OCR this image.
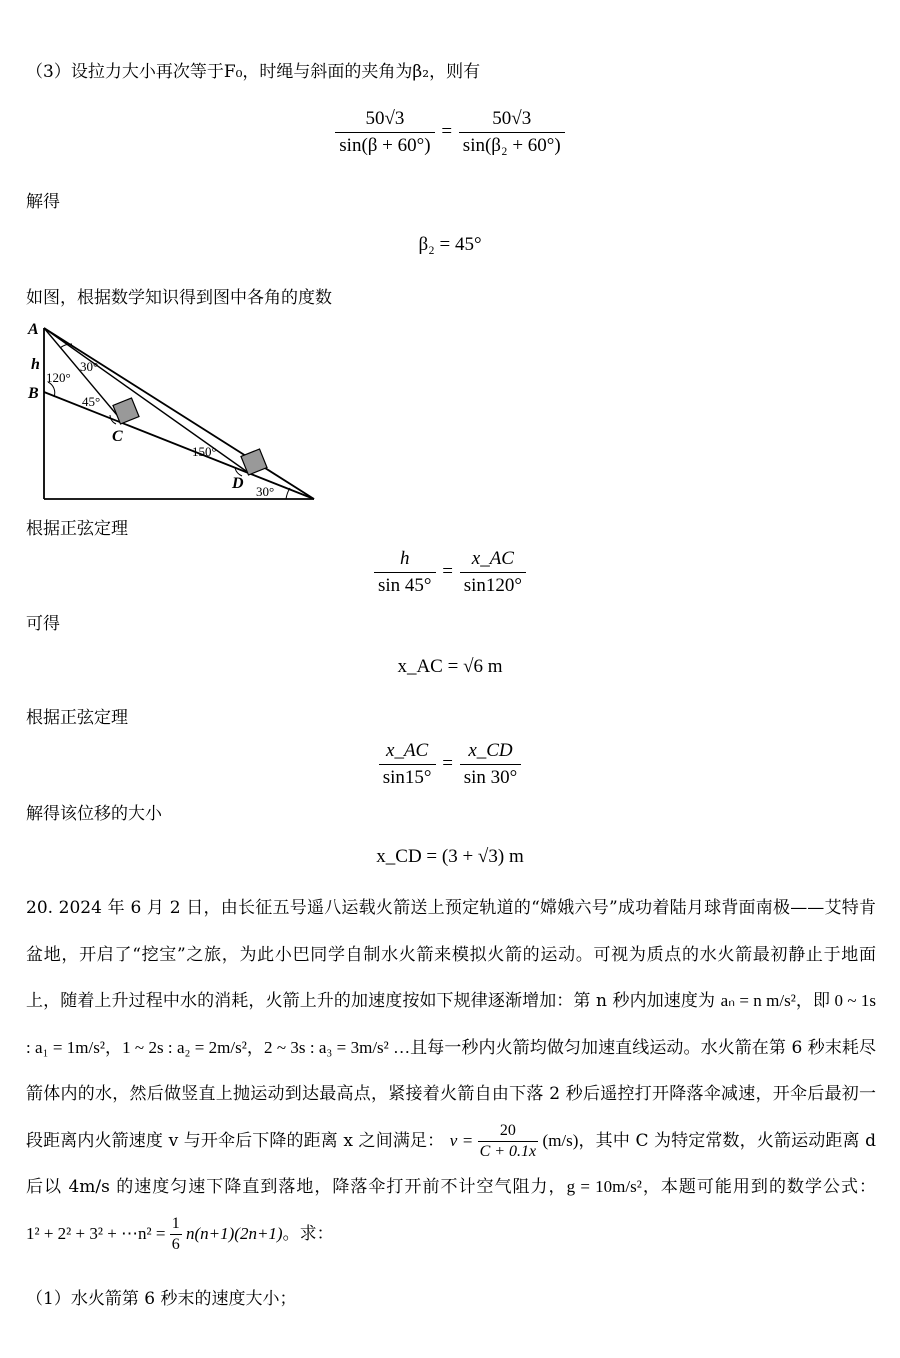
（3）设拉力大小再次等于F₀，时绳与斜面的夹角为β₂，则有
$\frac{50√3}{\sin(\beta + 60^\circ)} = \frac{50√3}{\text{sin(β₂ + 60°)}}$
解得
β₂ = 45°
如图，根据数学知识得到图中各角的度数
A
h
B
120°
30°
45°
C
150°
D 30°
根据正弦定理
$\frac{h}{\sin 45^\circ} = \frac{x\_AC}{\sin 120^\circ}$
可得
x_AC = √6 m
根据正弦定理
$\frac{x\_AC}{\sin 15^\circ} = \frac{x\_CD}{\sin 30^\circ}$
解得该位移的大小
x_CD = (3 + √3) m
20. 2024 年 6 月 2 日，由长征五号遥八运载火箭送上预定轨道的“嫦娥六号”成功着陆月球背面南极——艾特肯盆地，开启了“挖宝”之旅，为此小巴同学自制水火箭来模拟火箭的运动。可视为质点的水火箭最初静止于地面上，随着上升过程中水的消耗，火箭上升的加速度按如下规律逐渐增加：第 n 秒内加速度为 aₙ = n m/s²，即 0 ~ 1s : a₁ = 1m/s²，1 ~ 2s : a₂ = 2m/s²，2 ~ 3s : a₃ = 3m/s² …且每一秒内火箭均做匀加速直线运动。水火箭在第 6 秒末耗尽箭体内的水，然后做竖直上抛运动到达最高点，紧接着火箭自由下落 2 秒后遥控打开降落伞减速，开伞后最初一段距离内火箭速度 v 与开伞后下降的距离 x 之间满足： $v = \frac{20}{C + 0.1x} (m/s)$，其中 C 为特定常数，火箭运动距离 d 后以 4m/s 的速度匀速下降直到落地，降落伞打开前不计空气阻力，g = 10m/s²，本题可能用到的数学公式： 1² + 2² + 3² + ⋯n² = $\frac{1}{6} n(n+1)(2n+1)$。求：
（1）水火箭第 6 秒末的速度大小；
